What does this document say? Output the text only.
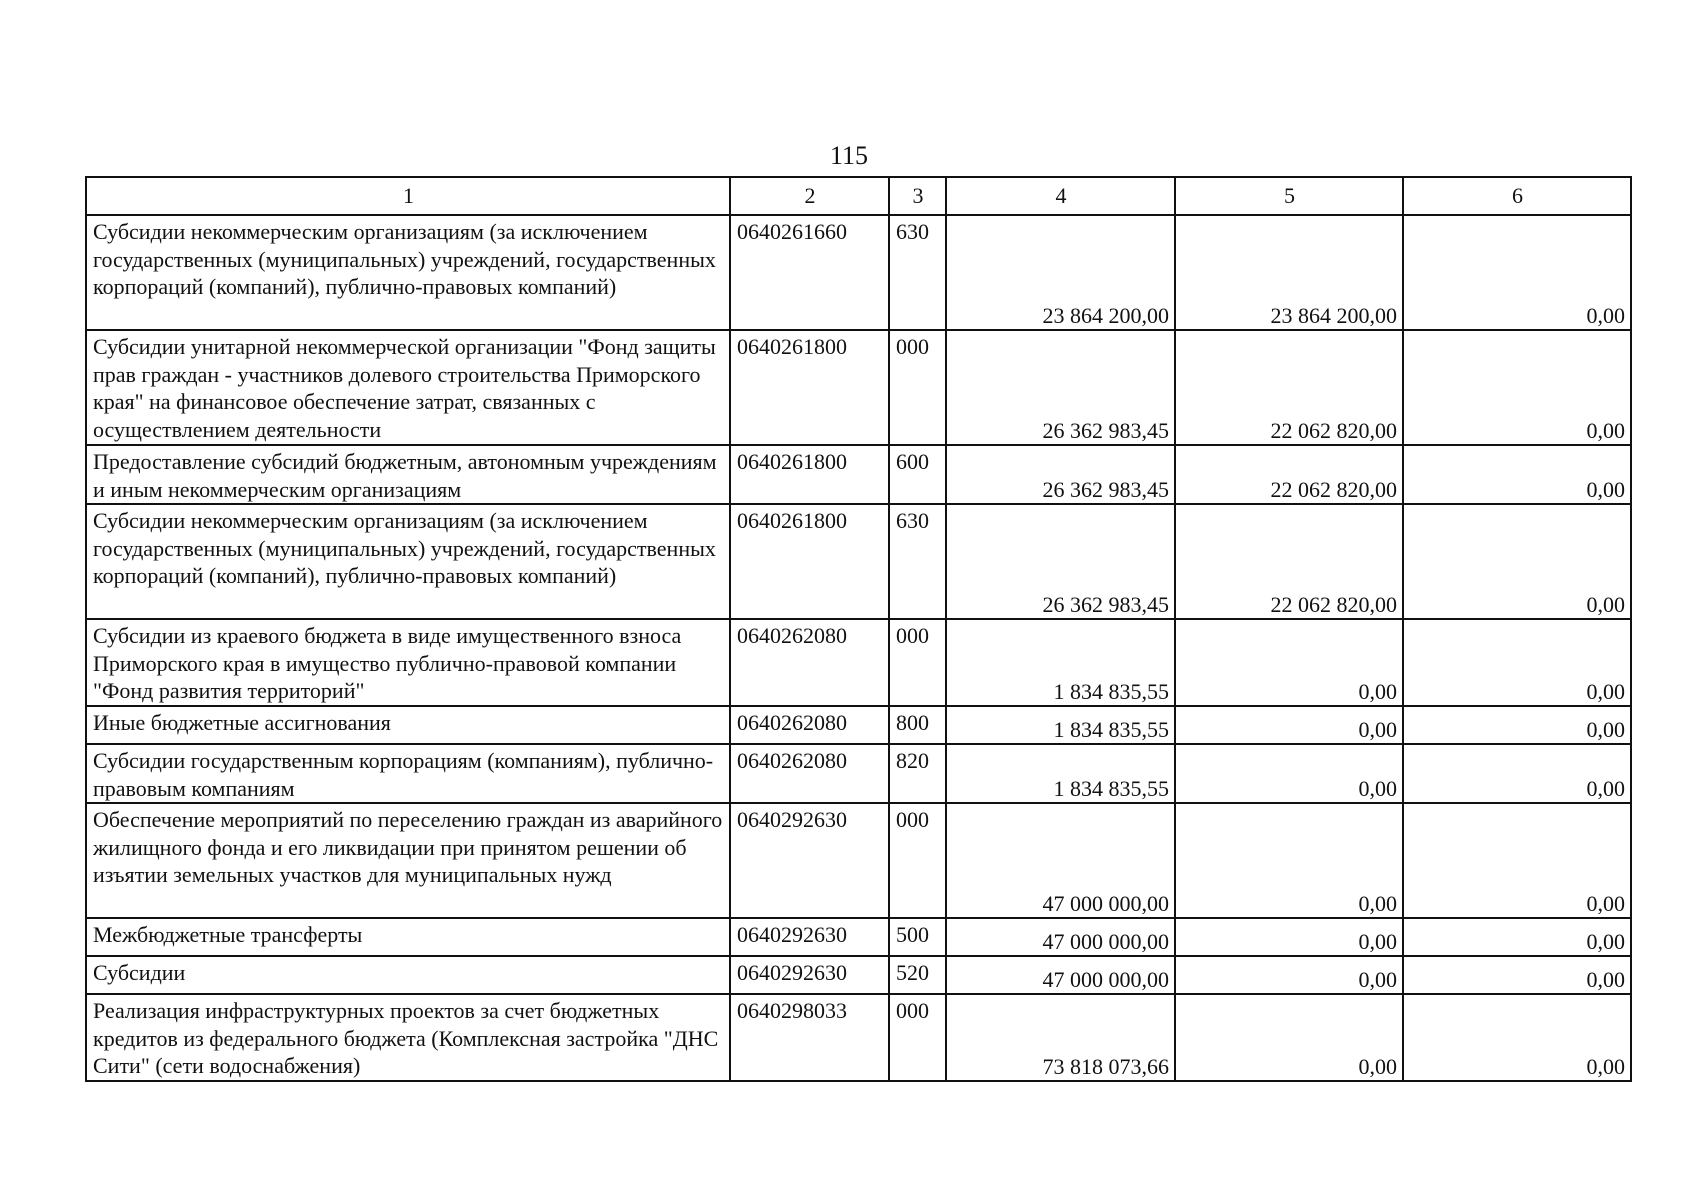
115
1	2	3	4	5	6
Субсидии некоммерческим организациям (за исключением государственных (муниципальных) учреждений, государственных корпораций (компаний), публично-правовых компаний)	0640261660	630	23 864 200,00	23 864 200,00	0,00
Субсидии унитарной некоммерческой организации "Фонд защиты прав граждан - участников долевого строительства Приморского края" на финансовое обеспечение затрат, связанных с осуществлением деятельности	0640261800	000	26 362 983,45	22 062 820,00	0,00
Предоставление субсидий бюджетным, автономным учреждениям и иным некоммерческим организациям	0640261800	600	26 362 983,45	22 062 820,00	0,00
Субсидии некоммерческим организациям (за исключением государственных (муниципальных) учреждений, государственных корпораций (компаний), публично-правовых компаний)	0640261800	630	26 362 983,45	22 062 820,00	0,00
Субсидии из краевого бюджета в виде имущественного взноса Приморского края в имущество публично-правовой компании "Фонд развития территорий"	0640262080	000	1 834 835,55	0,00	0,00
Иные бюджетные ассигнования	0640262080	800	1 834 835,55	0,00	0,00
Субсидии государственным корпорациям (компаниям), публично-правовым компаниям	0640262080	820	1 834 835,55	0,00	0,00
Обеспечение мероприятий по переселению граждан из аварийного жилищного фонда и его ликвидации при принятом решении об изъятии земельных участков для муниципальных нужд	0640292630	000	47 000 000,00	0,00	0,00
Межбюджетные трансферты	0640292630	500	47 000 000,00	0,00	0,00
Субсидии	0640292630	520	47 000 000,00	0,00	0,00
Реализация инфраструктурных проектов за счет бюджетных кредитов из федерального бюджета (Комплексная застройка "ДНС Сити" (сети водоснабжения)	0640298033	000	73 818 073,66	0,00	0,00
